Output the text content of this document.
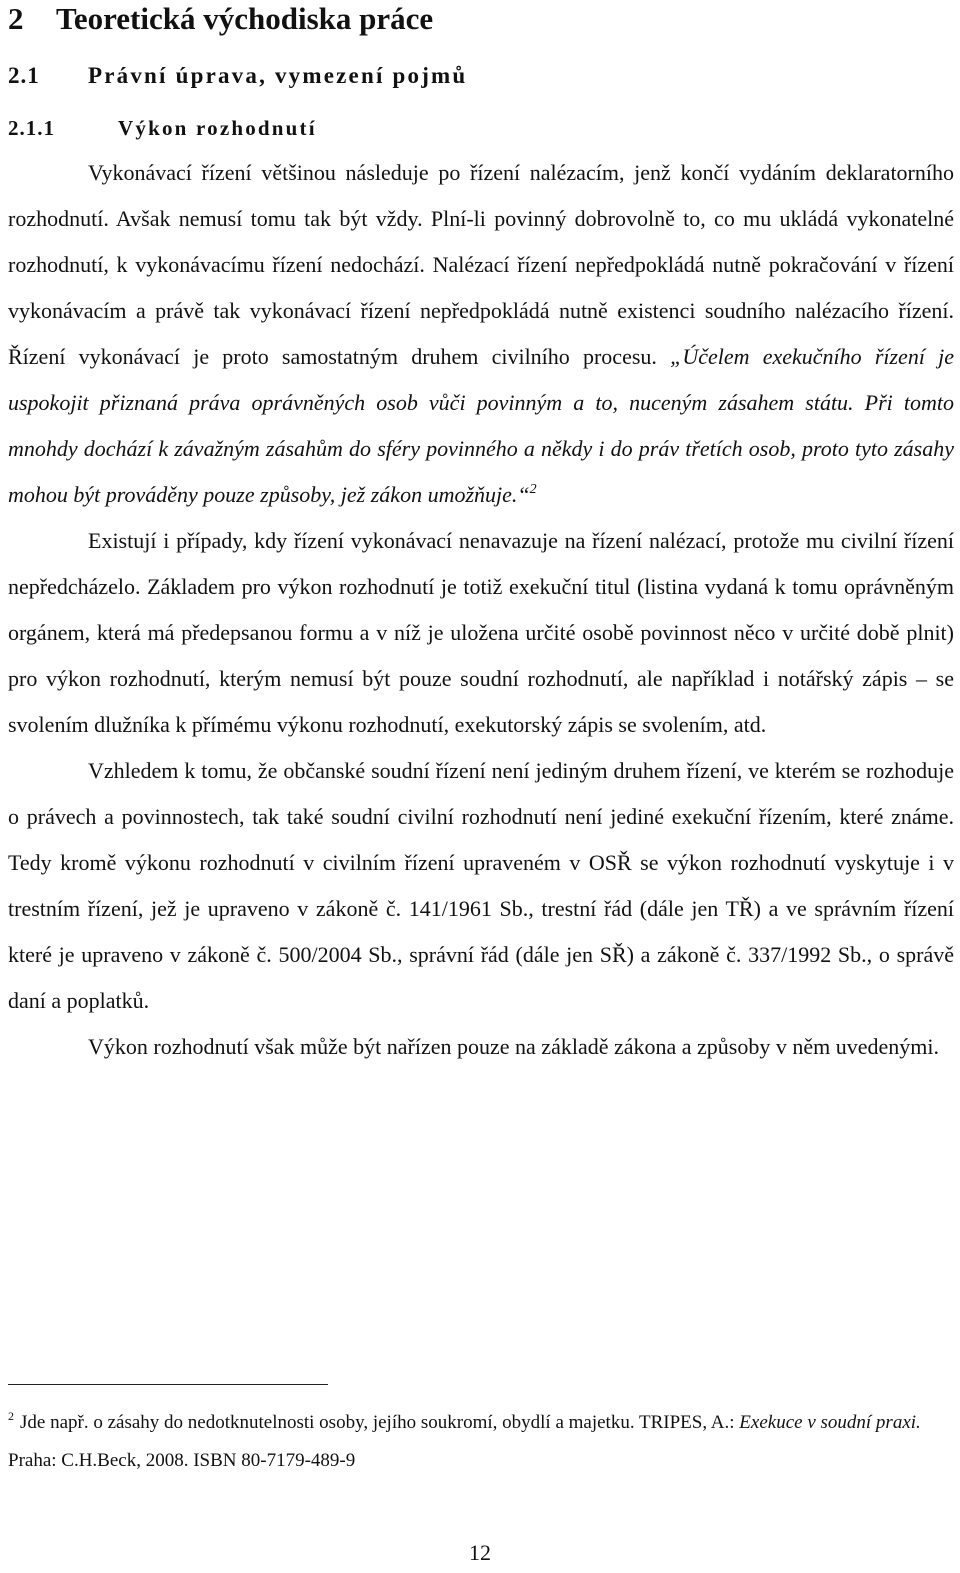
2 Teoretická východiska práce
2.1 Právní úprava, vymezení pojmů
2.1.1	Výkon rozhodnutí

Vykonávací řízení většinou následuje po řízení nalézacím, jenž končí vydáním deklaratorního rozhodnutí. Avšak nemusí tomu tak být vždy. Plní-li povinný dobrovolně to, co mu ukládá vykonatelné rozhodnutí, k vykonávacímu řízení nedochází. Nalézací řízení nepředpokládá nutně pokračování v řízení vykonávacím a právě tak vykonávací řízení nepředpokládá nutně existenci soudního nalézacího řízení. Řízení vykonávací je proto samostatným druhem civilního procesu. „Účelem exekučního řízení je uspokojit přiznaná práva oprávněných osob vůči povinným a to, nuceným zásahem státu. Při tomto mnohdy dochází k závažným zásahům do sféry povinného a někdy i do práv třetích osob, proto tyto zásahy mohou být prováděny pouze způsoby, jež zákon umožňuje.“$^2$

Existují i případy, kdy řízení vykonávací nenavazuje na řízení nalézací, protože mu civilní řízení nepředcházelo. Základem pro výkon rozhodnutí je totiž exekuční titul (listina vydaná k tomu oprávněným orgánem, která má předepsanou formu a v níž je uložena určité osobě povinnost něco v určité době plnit) pro výkon rozhodnutí, kterým nemusí být pouze soudní rozhodnutí, ale například i notářský zápis – se svolením dlužníka k přímému výkonu rozhodnutí, exekutorský zápis se svolením, atd.

Vzhledem k tomu, že občanské soudní řízení není jediným druhem řízení, ve kterém se rozhoduje o právech a povinnostech, tak také soudní civilní rozhodnutí není jediné exekuční řízením, které známe. Tedy kromě výkonu rozhodnutí v civilním řízení upraveném v OSŘ se výkon rozhodnutí vyskytuje i v trestním řízení, jež je upraveno v zákoně č. 141/1961 Sb., trestní řád (dále jen TŘ) a ve správním řízení které je upraveno v zákoně č. 500/2004 Sb., správní řád (dále jen SŘ) a zákoně č. 337/1992 Sb., o správě daní a poplatků.

Výkon rozhodnutí však může být nařízen pouze na základě zákona a způsoby v něm uvedenými.

$^2$ Jde např. o zásahy do nedotknutelnosti osoby, jejího soukromí, obydlí a majetku. TRIPES, A.: Exekuce v soudní praxi. Praha: C.H.Beck, 2008. ISBN 80-7179-489-9
12
